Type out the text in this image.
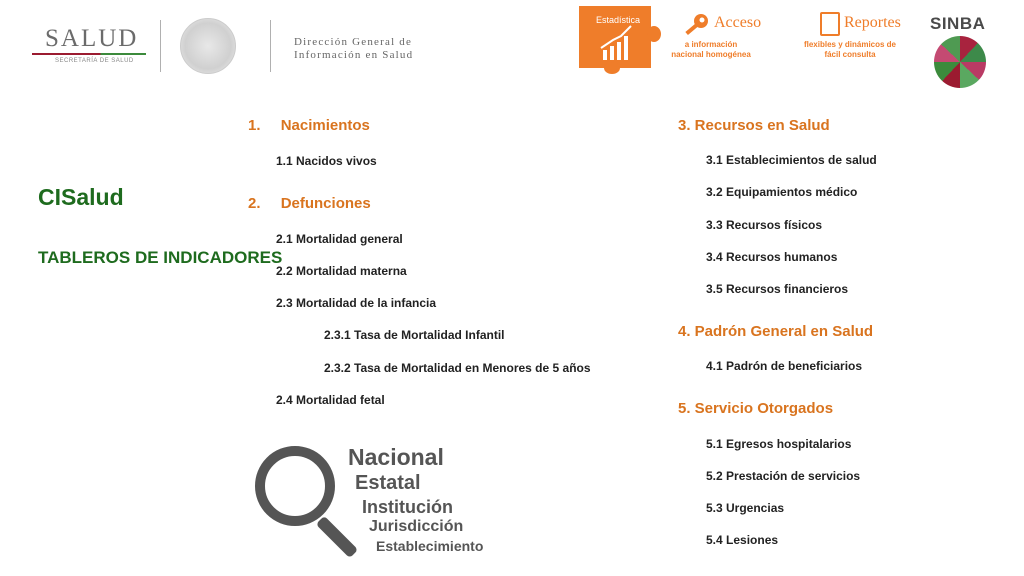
SALUD
SECRETARÍA DE SALUD
Dirección General de
Información en Salud
Estadística	Acceso
a información nacional homogénea
Reportes
flexibles y dinámicos de fácil consulta
SINBA
CISalud
TABLEROS DE INDICADORES
1. Nacimientos
1.1 Nacidos vivos
2. Defunciones
2.1 Mortalidad general
2.2 Mortalidad materna
2.3 Mortalidad de la infancia
2.3.1 Tasa de Mortalidad Infantil
2.3.2 Tasa de Mortalidad en Menores de 5 años
2.4 Mortalidad fetal
3. Recursos en Salud
3.1 Establecimientos de salud
3.2 Equipamientos médico
3.3 Recursos físicos
3.4 Recursos humanos
3.5 Recursos financieros
4. Padrón General en Salud
4.1 Padrón de beneficiarios
5. Servicio Otorgados
5.1 Egresos hospitalarios
5.2 Prestación de servicios
5.3 Urgencias
5.4 Lesiones
Nacional
Estatal
Institución
Jurisdicción
Establecimiento
